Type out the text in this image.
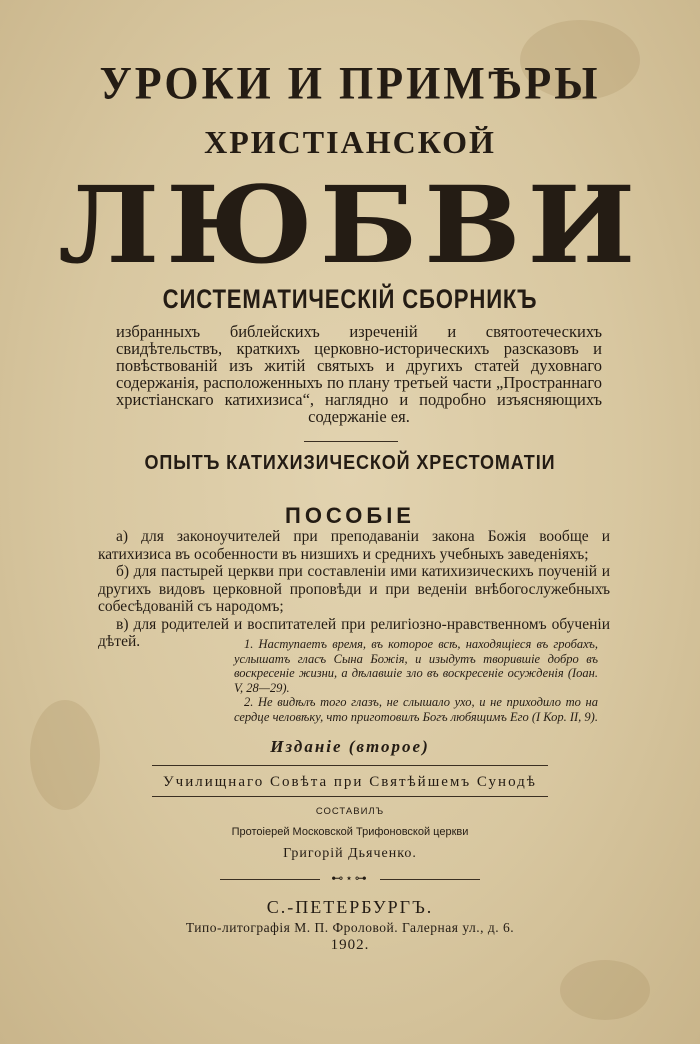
УРОКИ И ПРИМѢРЫ
ХРИСТІАНСКОЙ
ЛЮБВИ
СИСТЕМАТИЧЕСКІЙ СБОРНИКЪ
избранныхъ библейскихъ изреченій и святоотеческихъ свидѣтельствъ, краткихъ церковно-историческихъ разсказовъ и повѣствованій изъ житій святыхъ и другихъ статей духовнаго содержанія, расположенныхъ по плану третьей части „Пространнаго христіанскаго катихизиса“, наглядно и подробно изъясняющихъ содержаніе ея.
ОПЫТЪ КАТИХИЗИЧЕСКОЙ ХРЕСТОМАТІИ
ПОСОБІЕ

а) для законоучителей при преподаваніи закона Божія вообще и катихизиса въ особенности въ низшихъ и среднихъ учебныхъ заведеніяхъ;

б) для пастырей церкви при составленіи ими катихизическихъ поученій и другихъ видовъ церковной проповѣди и при веденіи внѣбогослужебныхъ собесѣдованій съ народомъ;

в) для родителей и воспитателей при религіозно-нравственномъ обученіи дѣтей.	1. Наступаетъ время, въ которое всѣ, находящіеся въ гробахъ, услышатъ гласъ Сына Божія, и изыдутъ творившіе добро въ воскресеніе жизни, а дѣлавшіе зло въ воскресеніе осужденія (Іоан. V, 28—29).

2. Не видѣлъ того глазъ, не слышало ухо, и не приходило то на сердце человѣку, что приготовилъ Богъ любящимъ Его (І Кор. II, 9).

Изданіе (второе)
Училищнаго Совѣта при Святѣйшемъ Сунодѣ
СОСТАВИЛЪ
Протоіерей Московской Трифоновской церкви
Григорій Дьяченко.
⊷⋆⊶
С.-ПЕТЕРБУРГЪ.
Типо-литографія М. П. Фроловой. Галерная ул., д. 6.
1902.
